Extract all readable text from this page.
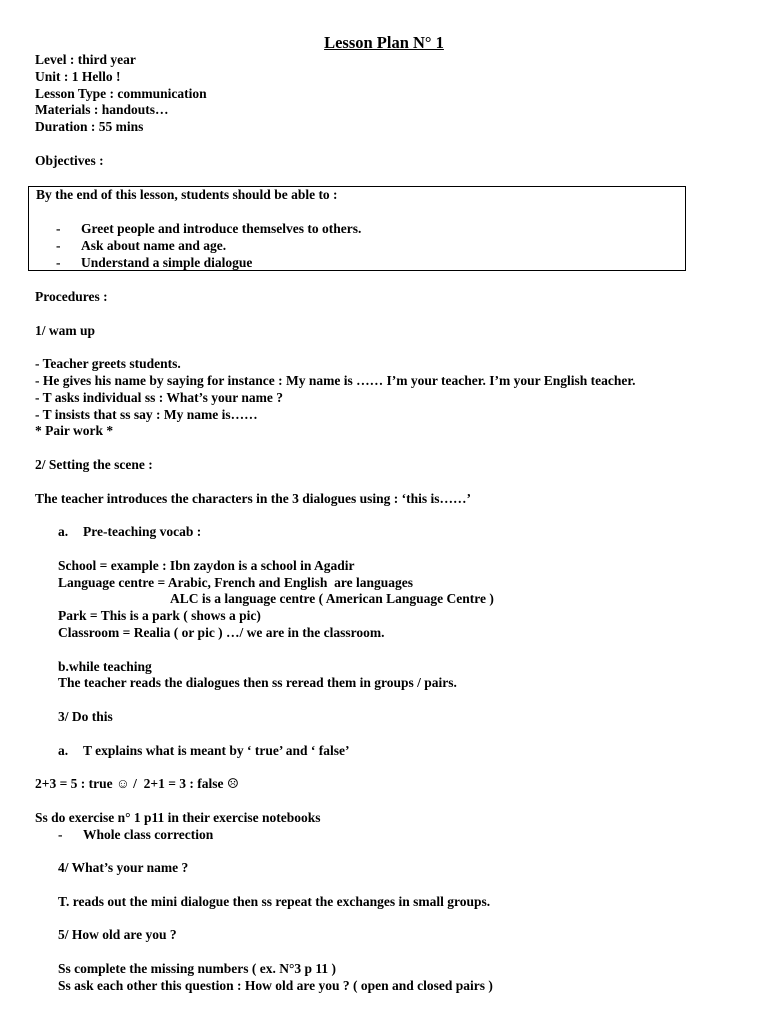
Lesson Plan N° 1
Level : third year
Unit : 1 Hello !
Lesson Type : communication
Materials : handouts…
Duration : 55 mins
Objectives :
By the end of this lesson, students should be able to :
-	Greet people and introduce themselves to others.
-	Ask about name and age.
-	Understand a simple dialogue
Procedures :
1/ wam up
- Teacher greets students.
- He gives his name by saying for instance : My name is …… I’m your teacher. I’m your English teacher.
- T asks individual ss : What’s your name ?
- T insists that ss say : My name is……
* Pair work *
2/ Setting the scene :
The teacher introduces the characters in the 3 dialogues using : ‘this is……’
a.	Pre-teaching vocab :
School = example : Ibn zaydon is a school in Agadir
Language centre = Arabic, French and English  are languages
ALC is a language centre ( American Language Centre )
Park = This is a park ( shows a pic)
Classroom = Realia ( or pic ) …/ we are in the classroom.
b.while teaching
The teacher reads the dialogues then ss reread them in groups / pairs.
3/ Do this
a.	T explains what is meant by ‘ true’ and ‘ false’
2+3 = 5 : true ☺ /  2+1 = 3 : false ☹
Ss do exercise n° 1 p11 in their exercise notebooks
-	Whole class correction
4/ What’s your name ?
T. reads out the mini dialogue then ss repeat the exchanges in small groups.
5/ How old are you ?
Ss complete the missing numbers ( ex. N°3 p 11 )
Ss ask each other this question : How old are you ? ( open and closed pairs )
